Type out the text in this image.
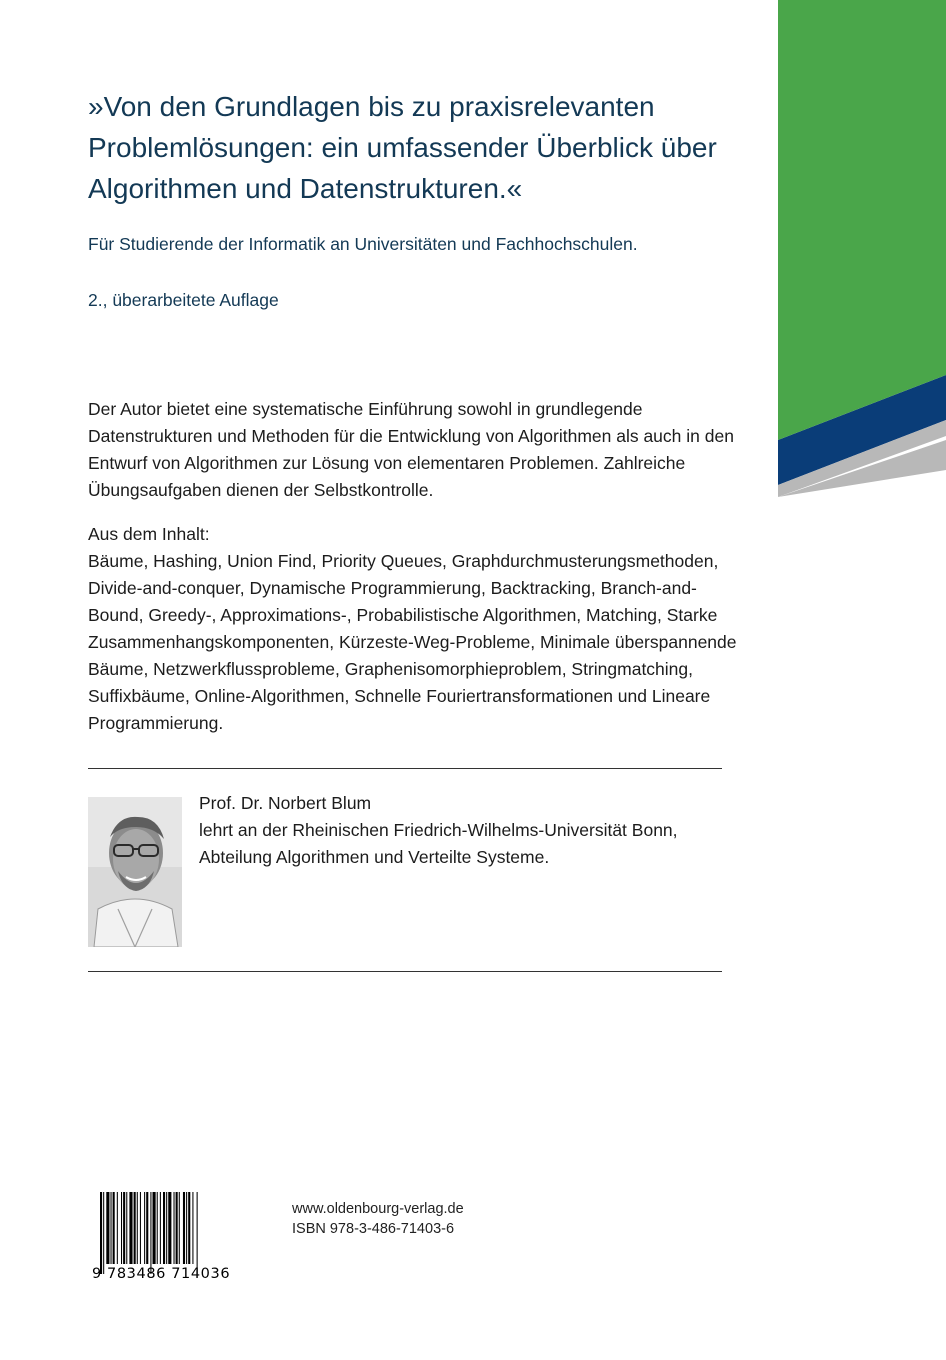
»Von den Grundlagen bis zu praxisrelevanten Problemlösungen: ein umfassender Überblick über Algorithmen und Datenstrukturen.«

Für Studierende der Informatik an Universitäten und Fachhochschulen.

2., überarbeitete Auflage

Der Autor bietet eine systematische Einführung sowohl in grundlegende Datenstrukturen und Methoden für die Entwicklung von Algorithmen als auch in den Entwurf von Algorithmen zur Lösung von elementaren Problemen. Zahlreiche Übungsaufgaben dienen der Selbstkontrolle.

Aus dem Inhalt:

Bäume, Hashing, Union Find, Priority Queues, Graphdurchmusterungsmethoden, Divide-and-conquer, Dynamische Programmierung, Backtracking, Branch-and-Bound, Greedy-, Approximations-, Probabilistische Algorithmen, Matching, Starke Zusammenhangskomponenten, Kürzeste-Weg-Probleme, Minimale überspannende Bäume, Netzwerkflussprobleme, Graphenisomorphieproblem, Stringmatching, Suffixbäume, Online-Algorithmen, Schnelle Fouriertransformationen und Lineare Programmierung.

Prof. Dr. Norbert Blum
lehrt an der Rheinischen Friedrich-Wilhelms-Universität Bonn,
Abteilung Algorithmen und Verteilte Systeme.

9 783486 714036

www.oldenbourg-verlag.de
ISBN 978-3-486-71403-6
